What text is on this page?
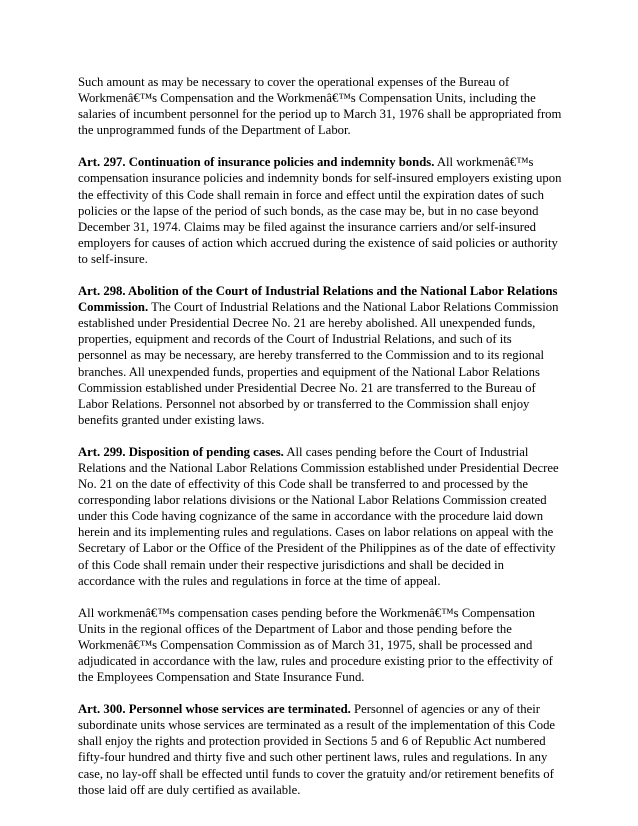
Such amount as may be necessary to cover the operational expenses of the Bureau of Workmenâ€™s Compensation and the Workmenâ€™s Compensation Units, including the salaries of incumbent personnel for the period up to March 31, 1976 shall be appropriated from the unprogrammed funds of the Department of Labor.

Art. 297. Continuation of insurance policies and indemnity bonds. All workmenâ€™s compensation insurance policies and indemnity bonds for self-insured employers existing upon the effectivity of this Code shall remain in force and effect until the expiration dates of such policies or the lapse of the period of such bonds, as the case may be, but in no case beyond December 31, 1974. Claims may be filed against the insurance carriers and/or self-insured employers for causes of action which accrued during the existence of said policies or authority to self-insure.

Art. 298. Abolition of the Court of Industrial Relations and the National Labor Relations Commission. The Court of Industrial Relations and the National Labor Relations Commission established under Presidential Decree No. 21 are hereby abolished. All unexpended funds, properties, equipment and records of the Court of Industrial Relations, and such of its personnel as may be necessary, are hereby transferred to the Commission and to its regional branches. All unexpended funds, properties and equipment of the National Labor Relations Commission established under Presidential Decree No. 21 are transferred to the Bureau of Labor Relations. Personnel not absorbed by or transferred to the Commission shall enjoy benefits granted under existing laws.

Art. 299. Disposition of pending cases. All cases pending before the Court of Industrial Relations and the National Labor Relations Commission established under Presidential Decree No. 21 on the date of effectivity of this Code shall be transferred to and processed by the corresponding labor relations divisions or the National Labor Relations Commission created under this Code having cognizance of the same in accordance with the procedure laid down herein and its implementing rules and regulations. Cases on labor relations on appeal with the Secretary of Labor or the Office of the President of the Philippines as of the date of effectivity of this Code shall remain under their respective jurisdictions and shall be decided in accordance with the rules and regulations in force at the time of appeal.

All workmenâ€™s compensation cases pending before the Workmenâ€™s Compensation Units in the regional offices of the Department of Labor and those pending before the Workmenâ€™s Compensation Commission as of March 31, 1975, shall be processed and adjudicated in accordance with the law, rules and procedure existing prior to the effectivity of the Employees Compensation and State Insurance Fund.

Art. 300. Personnel whose services are terminated. Personnel of agencies or any of their subordinate units whose services are terminated as a result of the implementation of this Code shall enjoy the rights and protection provided in Sections 5 and 6 of Republic Act numbered fifty-four hundred and thirty five and such other pertinent laws, rules and regulations. In any case, no lay-off shall be effected until funds to cover the gratuity and/or retirement benefits of those laid off are duly certified as available.
